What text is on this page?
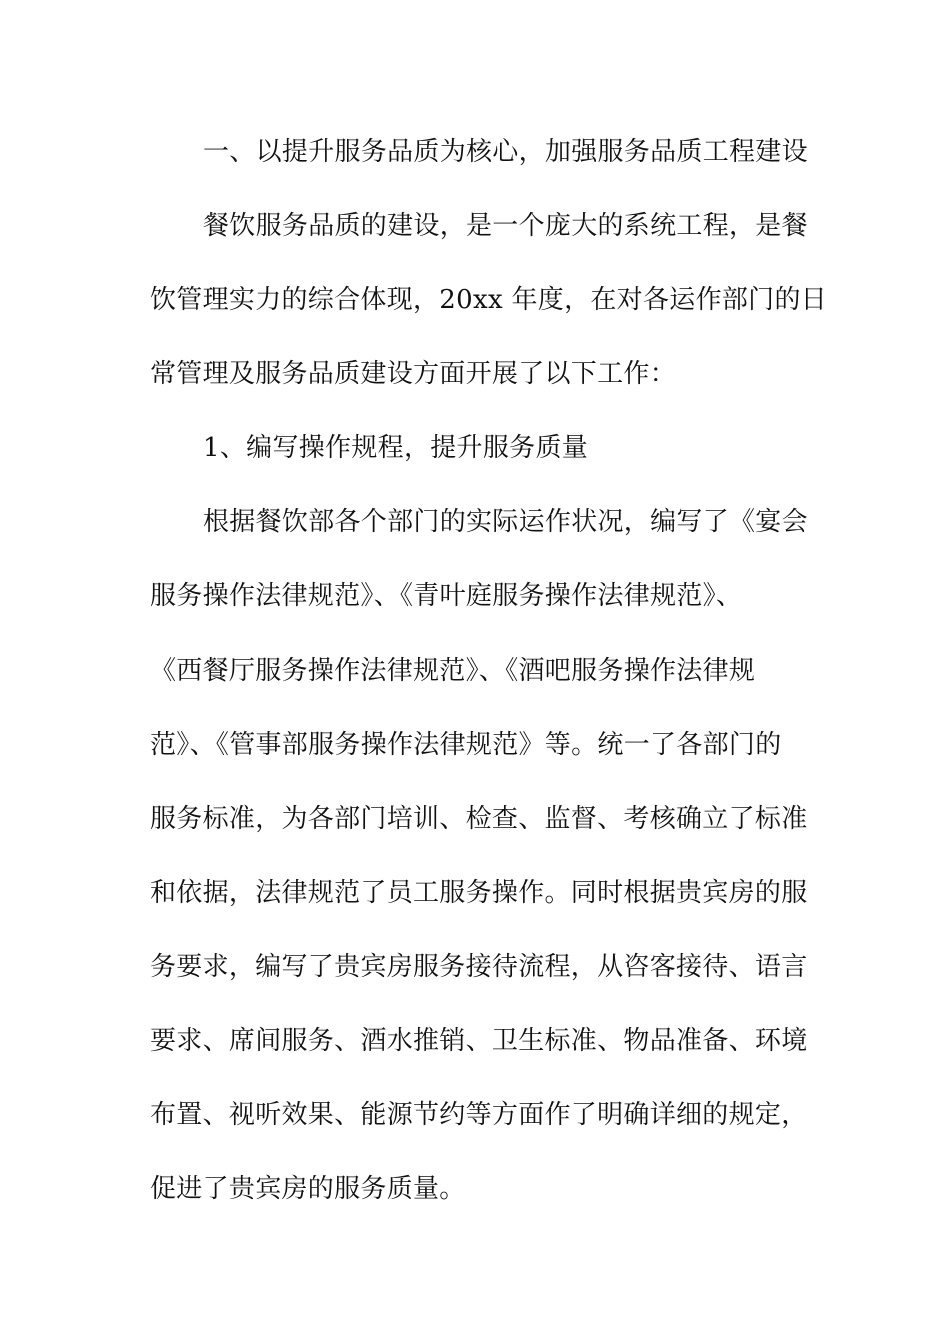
一、以提升服务品质为核心，加强服务品质工程建设
餐饮服务品质的建设，是一个庞大的系统工程，是餐
饮管理实力的综合体现，20xx 年度，在对各运作部门的日
常管理及服务品质建设方面开展了以下工作：
1、编写操作规程，提升服务质量
根据餐饮部各个部门的实际运作状况，编写了《宴会
服务操作法律规范》、《青叶庭服务操作法律规范》、
《西餐厅服务操作法律规范》、《酒吧服务操作法律规
范》、《管事部服务操作法律规范》等。统一了各部门的
服务标准，为各部门培训、检查、监督、考核确立了标准
和依据，法律规范了员工服务操作。同时根据贵宾房的服
务要求，编写了贵宾房服务接待流程，从咨客接待、语言
要求、席间服务、酒水推销、卫生标准、物品准备、环境
布置、视听效果、能源节约等方面作了明确详细的规定，
促进了贵宾房的服务质量。
